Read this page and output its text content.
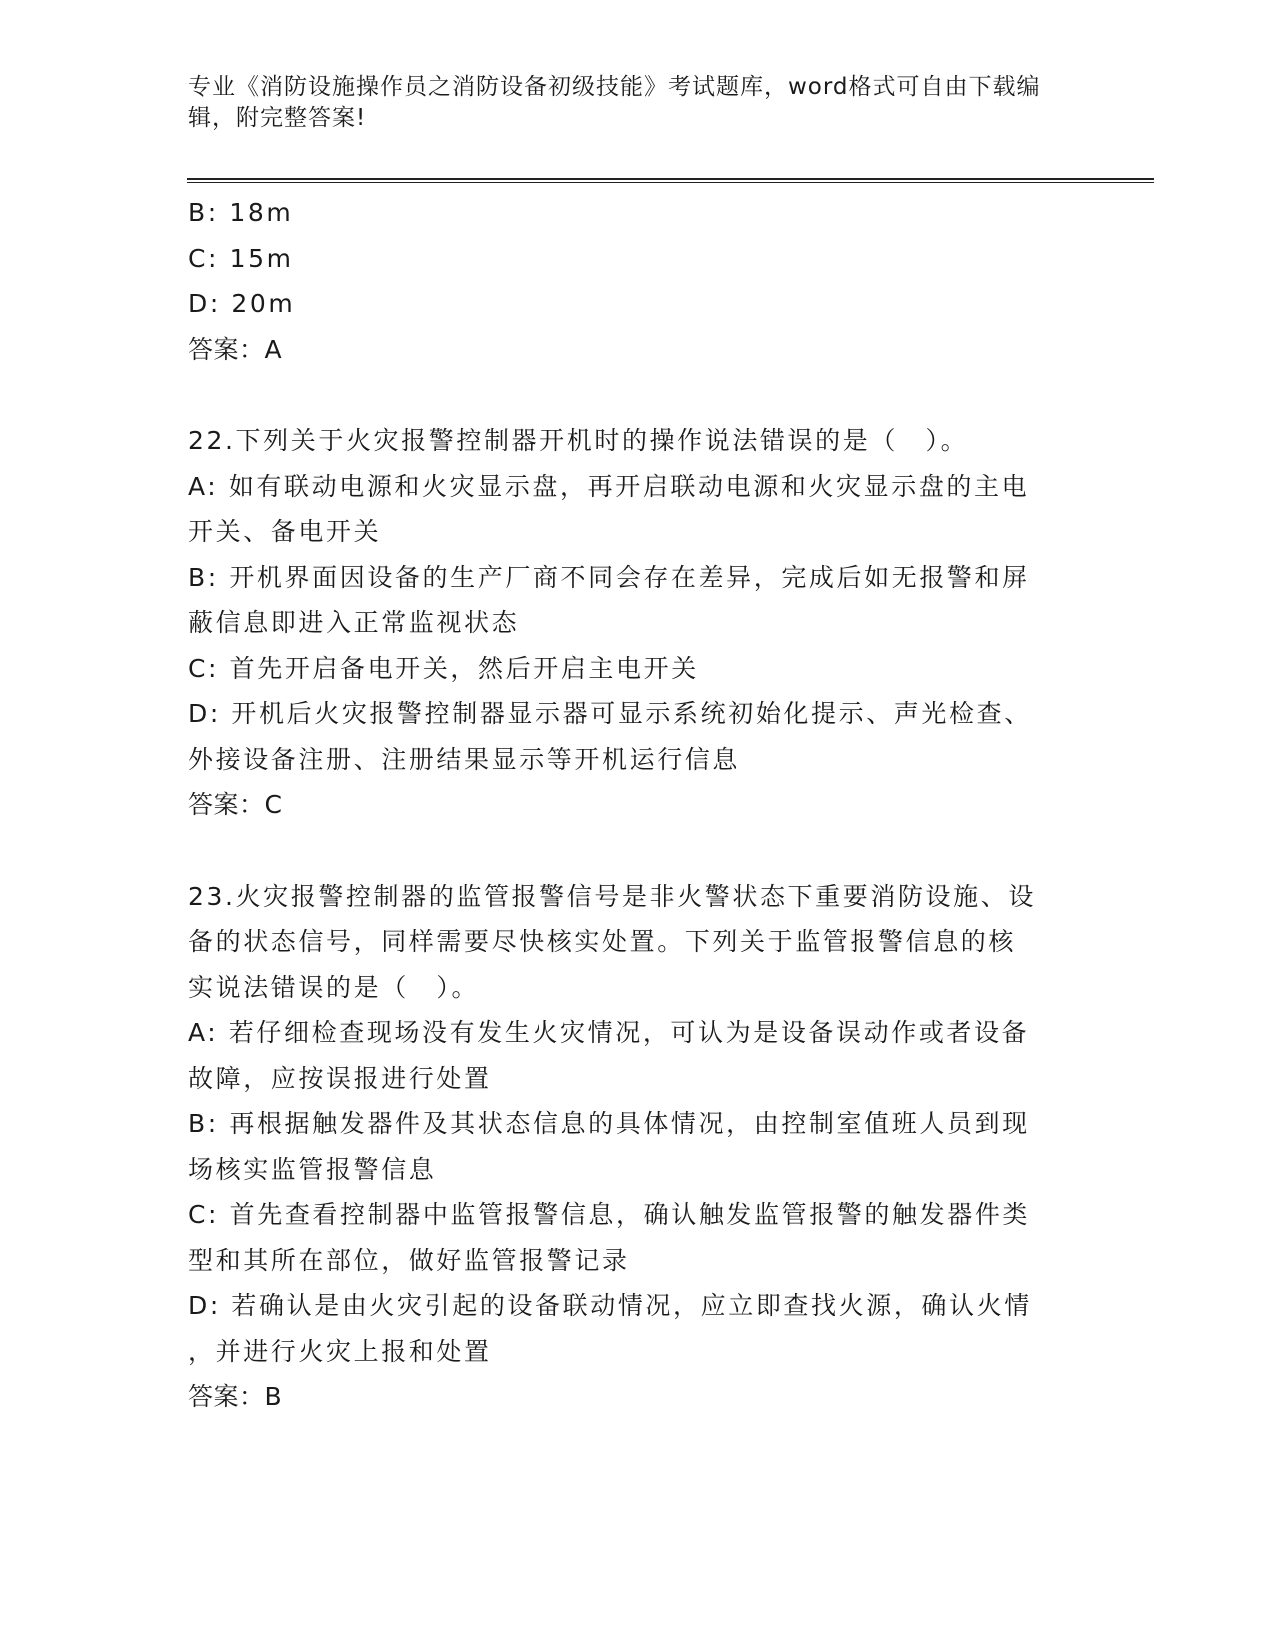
专业《消防设施操作员之消防设备初级技能》考试题库，word格式可自由下载编
辑，附完整答案!
B: 18m
C: 15m
D: 20m
答案：A
22.下列关于火灾报警控制器开机时的操作说法错误的是（　）。
A: 如有联动电源和火灾显示盘，再开启联动电源和火灾显示盘的主电
开关、备电开关
B: 开机界面因设备的生产厂商不同会存在差异，完成后如无报警和屏
蔽信息即进入正常监视状态
C: 首先开启备电开关，然后开启主电开关
D: 开机后火灾报警控制器显示器可显示系统初始化提示、声光检查、
外接设备注册、注册结果显示等开机运行信息
答案：C
23.火灾报警控制器的监管报警信号是非火警状态下重要消防设施、设
备的状态信号，同样需要尽快核实处置。下列关于监管报警信息的核
实说法错误的是（　）。
A: 若仔细检查现场没有发生火灾情况，可认为是设备误动作或者设备
故障，应按误报进行处置
B: 再根据触发器件及其状态信息的具体情况，由控制室值班人员到现
场核实监管报警信息
C: 首先查看控制器中监管报警信息，确认触发监管报警的触发器件类
型和其所在部位，做好监管报警记录
D: 若确认是由火灾引起的设备联动情况，应立即查找火源，确认火情
，并进行火灾上报和处置
答案：B
